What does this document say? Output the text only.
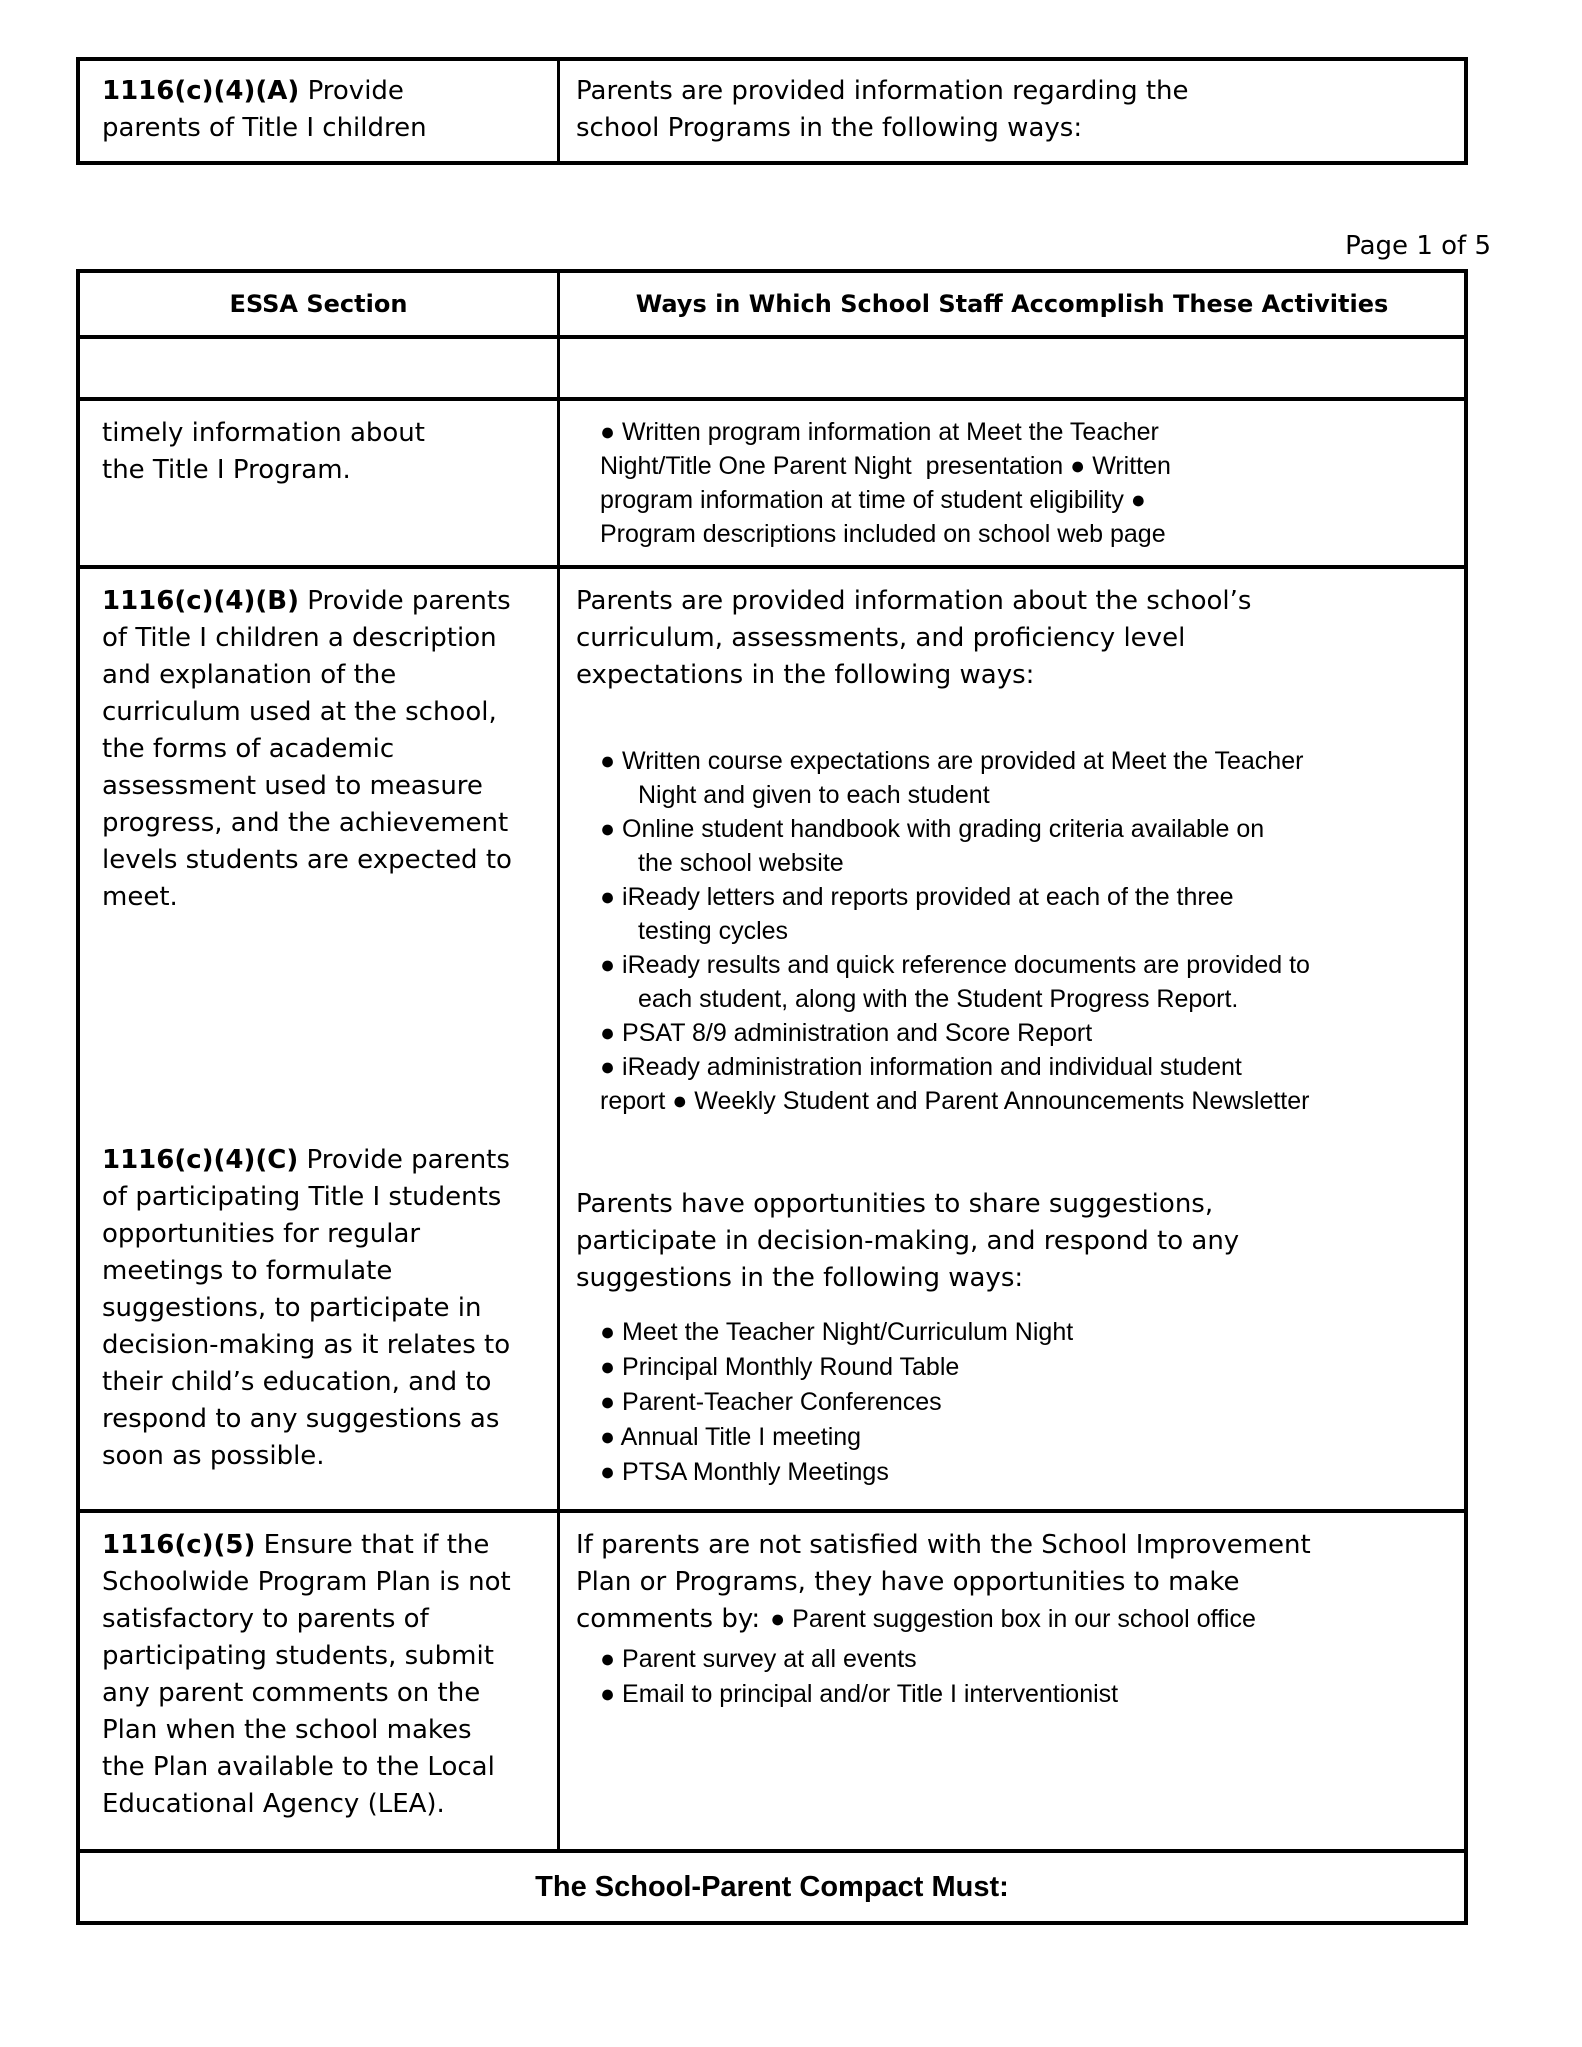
1116(c)(4)(A) Provide parents of Title I children

Parents are provided information regarding the school Programs in the following ways:

Page 1 of 5

ESSA Section	Ways in Which School Staff Accomplish These Activities

timely information about the Title I Program.

● Written program information at Meet the Teacher
Night/Title One Parent Night  presentation ● Written
program information at time of student eligibility ●
Program descriptions included on school web page

1116(c)(4)(B) Provide parents of Title I children a description and explanation of the curriculum used at the school, the forms of academic assessment used to measure progress, and the achievement levels students are expected to meet.

1116(c)(4)(C) Provide parents of participating Title I students opportunities for regular meetings to formulate suggestions, to participate in decision-making as it relates to their child’s education, and to respond to any suggestions as soon as possible.

Parents are provided information about the school’s curriculum, assessments, and proficiency level expectations in the following ways:

● Written course expectations are provided at Meet the Teacher
Night and given to each student
● Online student handbook with grading criteria available on
the school website
● iReady letters and reports provided at each of the three
testing cycles
● iReady results and quick reference documents are provided to
each student, along with the Student Progress Report.
● PSAT 8/9 administration and Score Report
● iReady administration information and individual student
report ● Weekly Student and Parent Announcements Newsletter

Parents have opportunities to share suggestions, participate in decision-making, and respond to any suggestions in the following ways:

● Meet the Teacher Night/Curriculum Night
● Principal Monthly Round Table
● Parent-Teacher Conferences
● Annual Title I meeting
● PTSA Monthly Meetings

1116(c)(5) Ensure that if the Schoolwide Program Plan is not satisfactory to parents of participating students, submit any parent comments on the Plan when the school makes the Plan available to the Local Educational Agency (LEA).

If parents are not satisfied with the School Improvement

Plan or Programs, they have opportunities to make

comments by: ● Parent suggestion box in our school office

● Parent survey at all events
● Email to principal and/or Title I interventionist

The School-Parent Compact Must:
